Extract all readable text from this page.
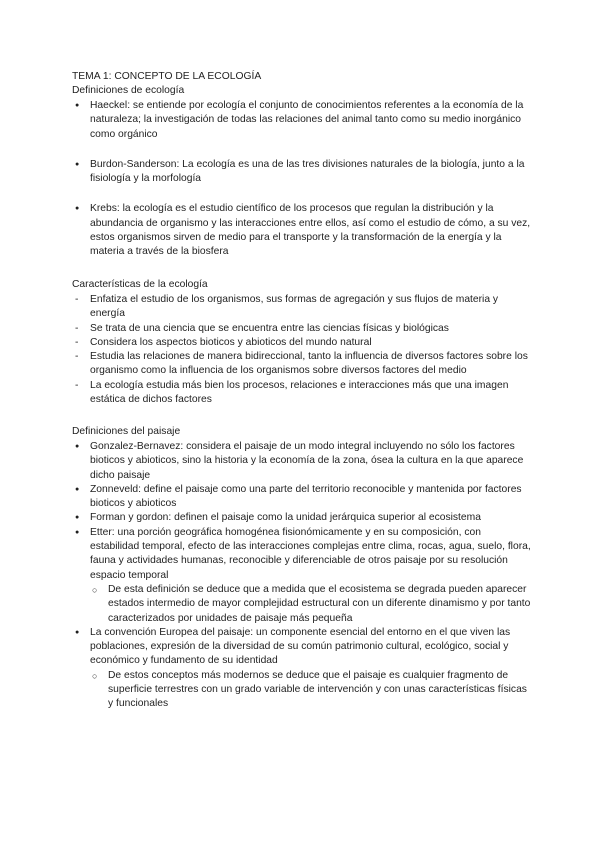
TEMA 1: CONCEPTO DE LA ECOLOGÍA
Definiciones de ecología
● Haeckel: se entiende por ecología el conjunto de conocimientos referentes a la economía de la naturaleza; la investigación de todas las relaciones del animal tanto como su medio inorgánico como orgánico
● Burdon-Sanderson: La ecología es una de las tres divisiones naturales de la biología, junto a la fisiología y la morfología
● Krebs: la ecología es el estudio científico de los procesos que regulan la distribución y la abundancia de organismo y las interacciones entre ellos, así como el estudio de cómo, a su vez, estos organismos sirven de medio para el transporte y la transformación de la energía y la materia a través de la biosfera
Características de la ecología
- Enfatiza el estudio de los organismos, sus formas de agregación y sus flujos de materia y energía
- Se trata de una ciencia que se encuentra entre las ciencias físicas y biológicas
- Considera los aspectos bioticos y abioticos del mundo natural
- Estudia las relaciones de manera bidireccional, tanto la influencia de diversos factores sobre los organismo como la influencia de los organismos sobre diversos factores del medio
- La ecología estudia más bien los procesos, relaciones e interacciones más que una imagen estática de dichos factores
Definiciones del paisaje
● Gonzalez-Bernavez: considera el paisaje de un modo integral incluyendo no sólo los factores bioticos y abioticos, sino la historia y la economía de la zona, ósea la cultura en la que aparece dicho paisaje
● Zonneveld: define el paisaje como una parte del territorio reconocible y mantenida por factores bioticos y abioticos
● Forman y gordon: definen el paisaje como la unidad jerárquica superior al ecosistema
● Etter: una porción geográfica homogénea fisionómicamente y en su composición, con estabilidad temporal, efecto de las interacciones complejas entre clima, rocas, agua, suelo, flora, fauna y actividades humanas, reconocible y diferenciable de otros paisaje por su resolución espacio temporal
○ De esta definición se deduce que a medida que el ecosistema se degrada pueden aparecer estados intermedio de mayor complejidad estructural con un diferente dinamismo y por tanto caracterizados por unidades de paisaje más pequeña
● La convención Europea del paisaje: un componente esencial del entorno en el que viven las poblaciones, expresión de la diversidad de su común patrimonio cultural, ecológico, social y económico y fundamento de su identidad
○ De estos conceptos más modernos se deduce que el paisaje es cualquier fragmento de superficie terrestres con un grado variable de intervención y con unas características físicas y funcionales
